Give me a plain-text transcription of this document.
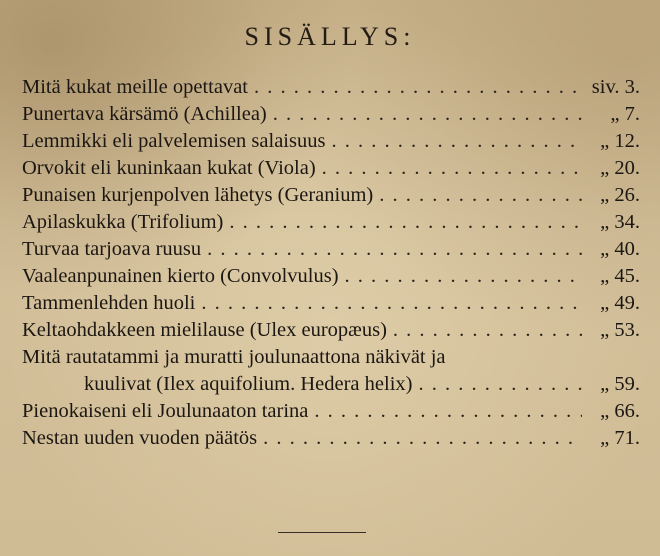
SISÄLLYS:
Mitä kukat meille opettavat . . .	siv. 3.
Punertava kärsämö (Achillea) . . .	„ 7.
Lemmikki eli palvelemisen salaisuus . . .	„ 12.
Orvokit eli kuninkaan kukat (Viola) . . .	„ 20.
Punaisen kurjenpolven lähetys (Geranium) . . .	„ 26.
Apilaskukka (Trifolium) . . .	„ 34.
Turvaa tarjoava ruusu . . .	„ 40.
Vaaleanpunainen kierto (Convolvulus) . . .	„ 45.
Tammenlehden huoli . . .	„ 49.
Keltaohdakkeen mielilause (Ulex europæus) . . .	„ 53.
Mitä rautatammi ja muratti joulunaattona näkivät ja
kuulivat (Ilex aquifolium. Hedera helix) . . .	„ 59.
Pienokaiseni eli Joulunaaton tarina . . .	„ 66.
Nestan uuden vuoden päätös . . .	„ 71.
